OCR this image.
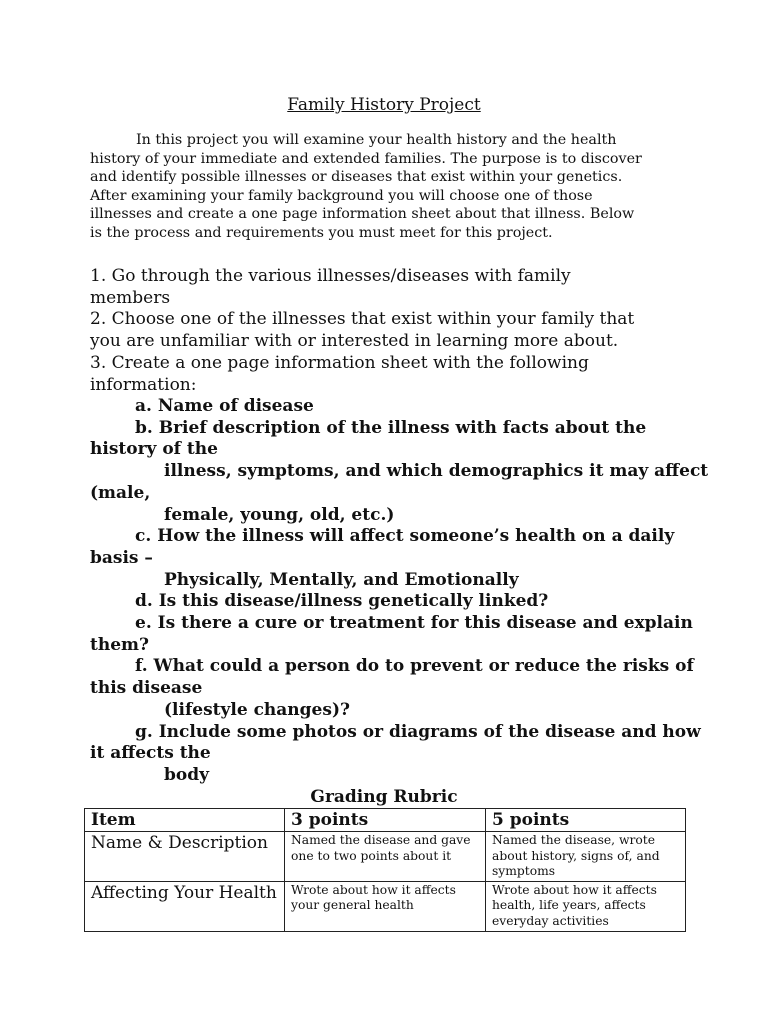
Family History Project
In this project you will examine your health history and the health
history of your immediate and extended families. The purpose is to discover
and identify possible illnesses or diseases that exist within your genetics.
After examining your family background you will choose one of those
illnesses and create a one page information sheet about that illness. Below
is the process and requirements you must meet for this project.
1. Go through the various illnesses/diseases with family
members
2. Choose one of the illnesses that exist within your family that
you are unfamiliar with or interested in learning more about.
3. Create a one page information sheet with the following
information:
a. Name of disease
b. Brief description of the illness with facts about the
history of the
illness, symptoms, and which demographics it may affect
(male,
female, young, old, etc.)
c. How the illness will affect someone’s health on a daily
basis –
Physically, Mentally, and Emotionally
d. Is this disease/illness genetically linked?
e. Is there a cure or treatment for this disease and explain
them?
f. What could a person do to prevent or reduce the risks of
this disease
(lifestyle changes)?
g. Include some photos or diagrams of the disease and how
it affects the
body
Grading Rubric
Item	3 points	5 points
Name & Description	Named the disease and gave one to two points about it	Named the disease, wrote about history, signs of, and symptoms
Affecting Your Health	Wrote about how it affects your general health	Wrote about how it affects health, life years, affects everyday activities
